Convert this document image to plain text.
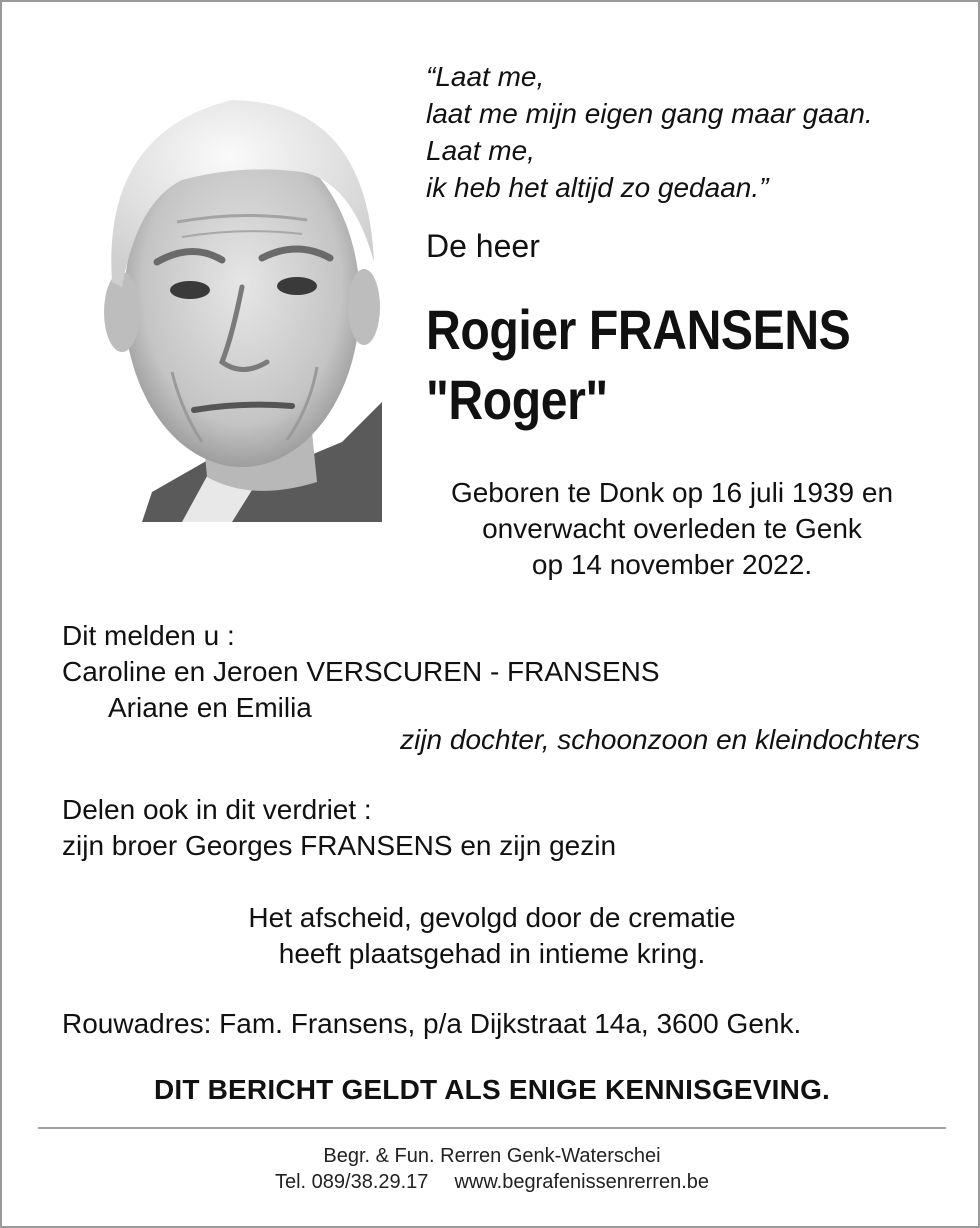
“Laat me,
laat me mijn eigen gang maar gaan.
Laat me,
ik heb het altijd zo gedaan.”
De heer
Rogier FRANSENS
"Roger"
Geboren te Donk op 16 juli 1939 en
onverwacht overleden te Genk
op 14 november 2022.
Dit melden u :
Caroline en Jeroen VERSCUREN - FRANSENS
Ariane en Emilia
zijn dochter, schoonzoon en kleindochters
Delen ook in dit verdriet :
zijn broer Georges FRANSENS en zijn gezin
Het afscheid, gevolgd door de crematie
heeft plaatsgehad in intieme kring.
Rouwadres: Fam. Fransens, p/a Dijkstraat 14a, 3600 Genk.
DIT BERICHT GELDT ALS ENIGE KENNISGEVING.
Begr. & Fun. Rerren Genk-Waterschei
Tel. 089/38.29.17 www.begrafenissenrerren.be
